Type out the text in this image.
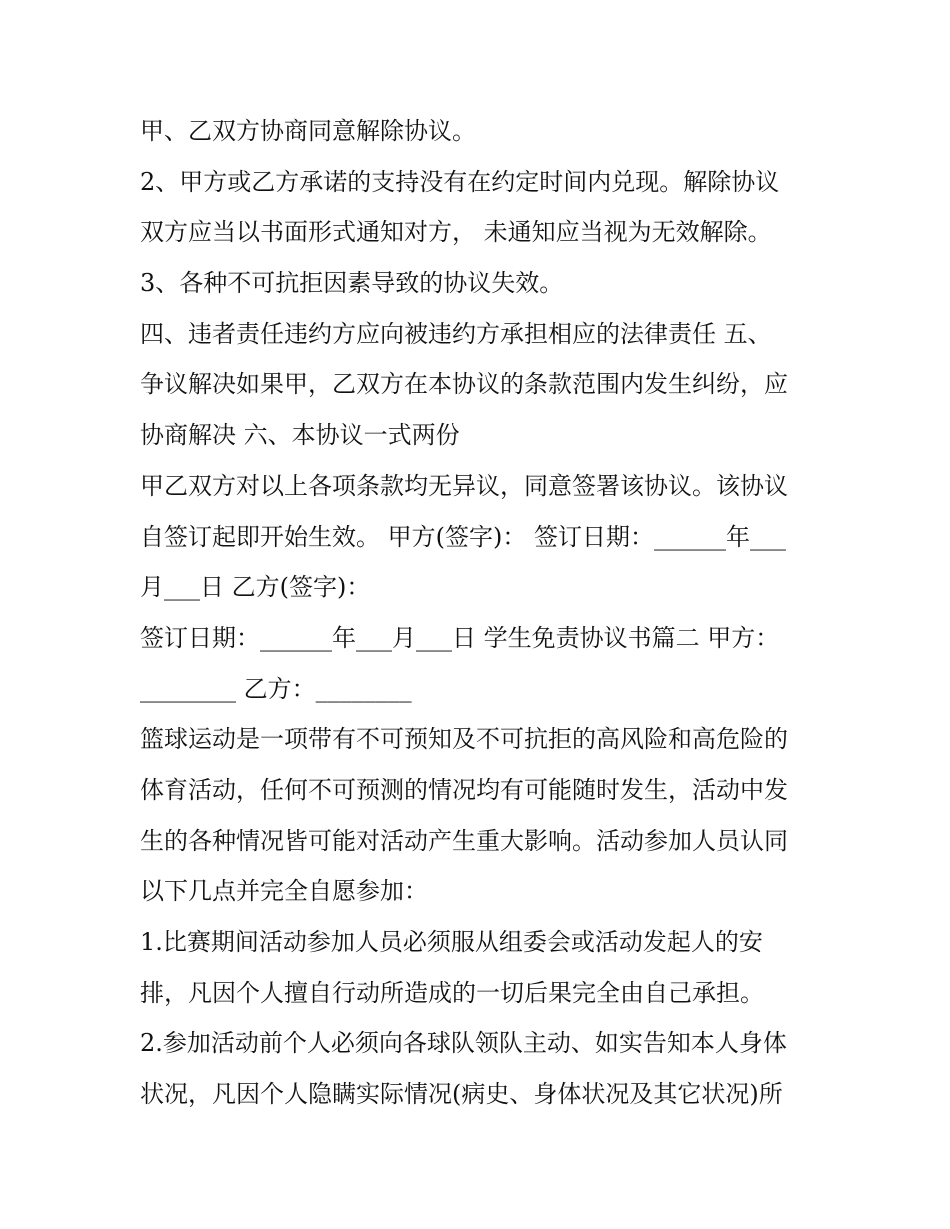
甲、乙双方协商同意解除协议。
2、甲方或乙方承诺的支持没有在约定时间内兑现。解除协议
双方应当以书面形式通知对方， 未通知应当视为无效解除。
3、各种不可抗拒因素导致的协议失效。
四、违者责任违约方应向被违约方承担相应的法律责任 五、
争议解决如果甲，乙双方在本协议的条款范围内发生纠纷，应
协商解决 六、本协议一式两份
甲乙双方对以上各项条款均无异议，同意签署该协议。该协议
自签订起即开始生效。 甲方(签字)： 签订日期：______年___
月___日 乙方(签字)：
签订日期：______年___月___日 学生免责协议书篇二 甲方：
________ 乙方：________
篮球运动是一项带有不可预知及不可抗拒的高风险和高危险的
体育活动，任何不可预测的情况均有可能随时发生，活动中发
生的各种情况皆可能对活动产生重大影响。活动参加人员认同
以下几点并完全自愿参加：
1.比赛期间活动参加人员必须服从组委会或活动发起人的安
排，凡因个人擅自行动所造成的一切后果完全由自己承担。
2.参加活动前个人必须向各球队领队主动、如实告知本人身体
状况，凡因个人隐瞒实际情况(病史、身体状况及其它状况)所
